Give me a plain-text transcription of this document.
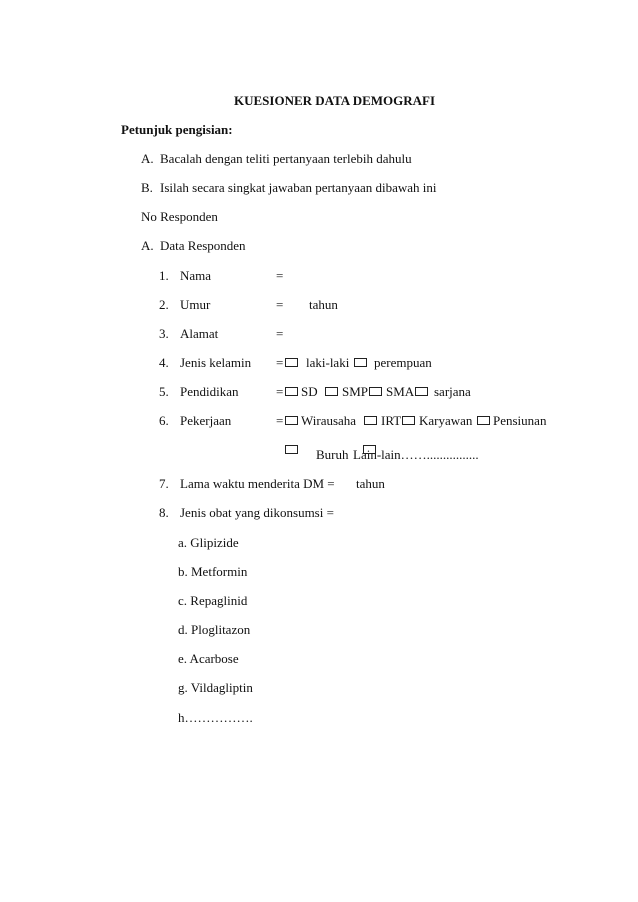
KUESIONER DATA DEMOGRAFI
Petunjuk pengisian:
A. Bacalah dengan teliti pertanyaan terlebih dahulu
B. Isilah secara singkat jawaban pertanyaan dibawah ini
No Responden
A. Data Responden
1. Nama	=
2. Umur	= tahun
3. Alamat	=
4. Jenis kelamin = laki-laki perempuan
5. Pendidikan	= SD SMP SMA sarjana
6. Pekerjaan	= Wirausaha IRT Karyawan Pensiunan
Buruh Lain-lain……................
7. Lama waktu menderita DM = tahun
8. Jenis obat yang dikonsumsi =
a. Glipizide
b. Metformin
c. Repaglinid
d. Ploglitazon
e. Acarbose
g. Vildagliptin
h…………….
